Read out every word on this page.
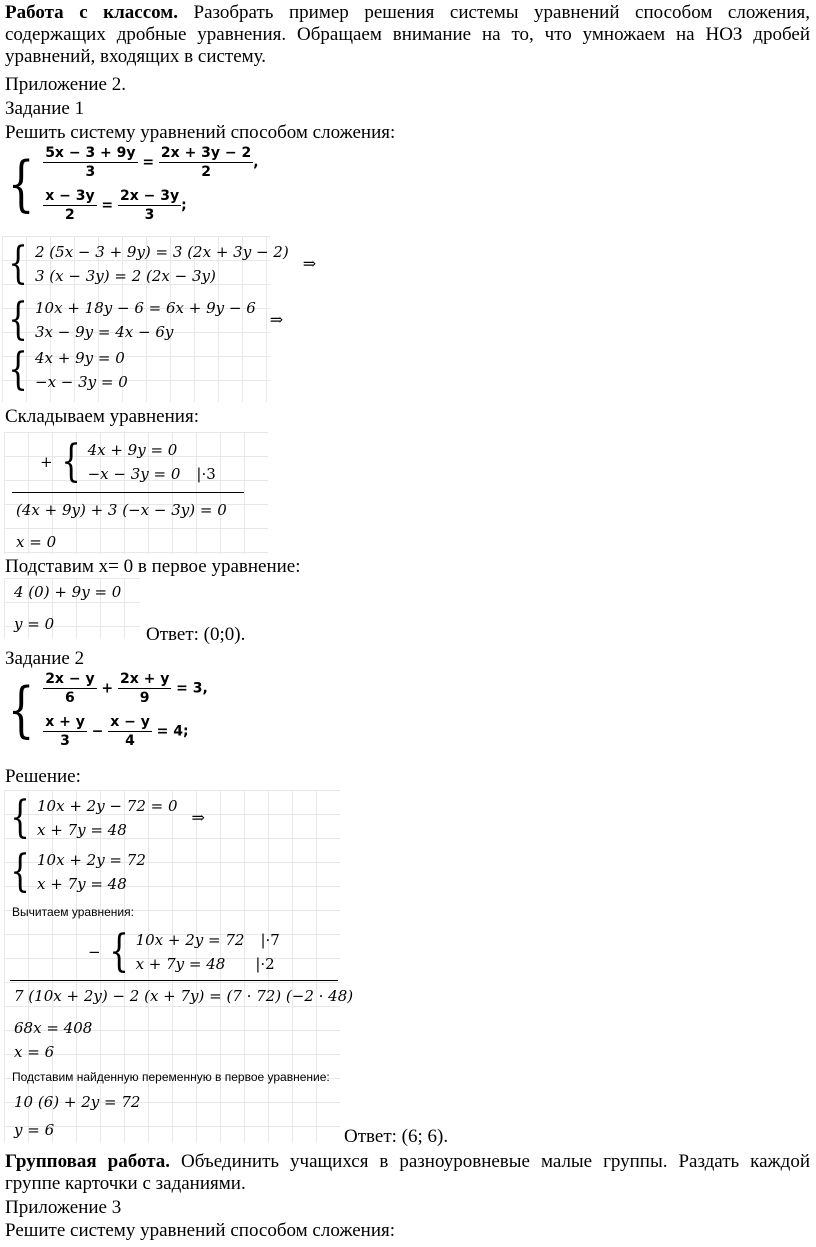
Работа с классом. Разобрать пример решения системы уравнений способом сложения, содержащих дробные уравнения. Обращаем внимание на то, что умножаем на НОЗ дробей уравнений, входящих в систему.

Приложение 2.

Задание 1

Решить систему уравнений способом сложения:

{ $\frac{5x - 3 + 9y}{3} = \frac{2x + 3y - 2}{2}$ ,
$\frac{x - 3y}{2} = \frac{2x - 3y}{3}$ ;
{ 2 (5x − 3 + 9y) = 3 (2x + 3y − 2)
3 (x − 3y) = 2 (2x − 3y)
⇒
{ 10x + 18y − 6 = 6x + 9y − 6
3x − 9y = 4x − 6y
⇒
{ 4x + 9y = 0
−x − 3y = 0

Складываем уравнения:

+ { 4x + 9y = 0
−x − 3y = 0 |·3
(4x + 9y) + 3 (−x − 3y) = 0
x = 0

Подставим x= 0 в первое уравнение:

4 (0) + 9y = 0
y = 0	Ответ: (0;0).

Задание 2

{ $\frac{2x - y}{6} + \frac{2x + y}{9} = 3$,
$\frac{x + y}{3} - \frac{x - y}{4} = 4$;

Решение:

{ 10x + 2y − 72 = 0
x + 7y = 48
⇒
{ 10x + 2y = 72
x + 7y = 48
Вычитаем уравнения:
− { 10x + 2y = 72 |·7
x + 7y = 48 |·2
7 (10x + 2y) − 2 (x + 7y) = (7 · 72) (−2 · 48)
68x = 408
x = 6
Подставим найденную переменную в первое уравнение:
10 (6) + 2y = 72
y = 6	Ответ: (6; 6).

Групповая работа. Объединить учащихся в разноуровневые малые группы. Раздать каждой группе карточки с заданиями.

Приложение 3

Решите систему уравнений способом сложения:
